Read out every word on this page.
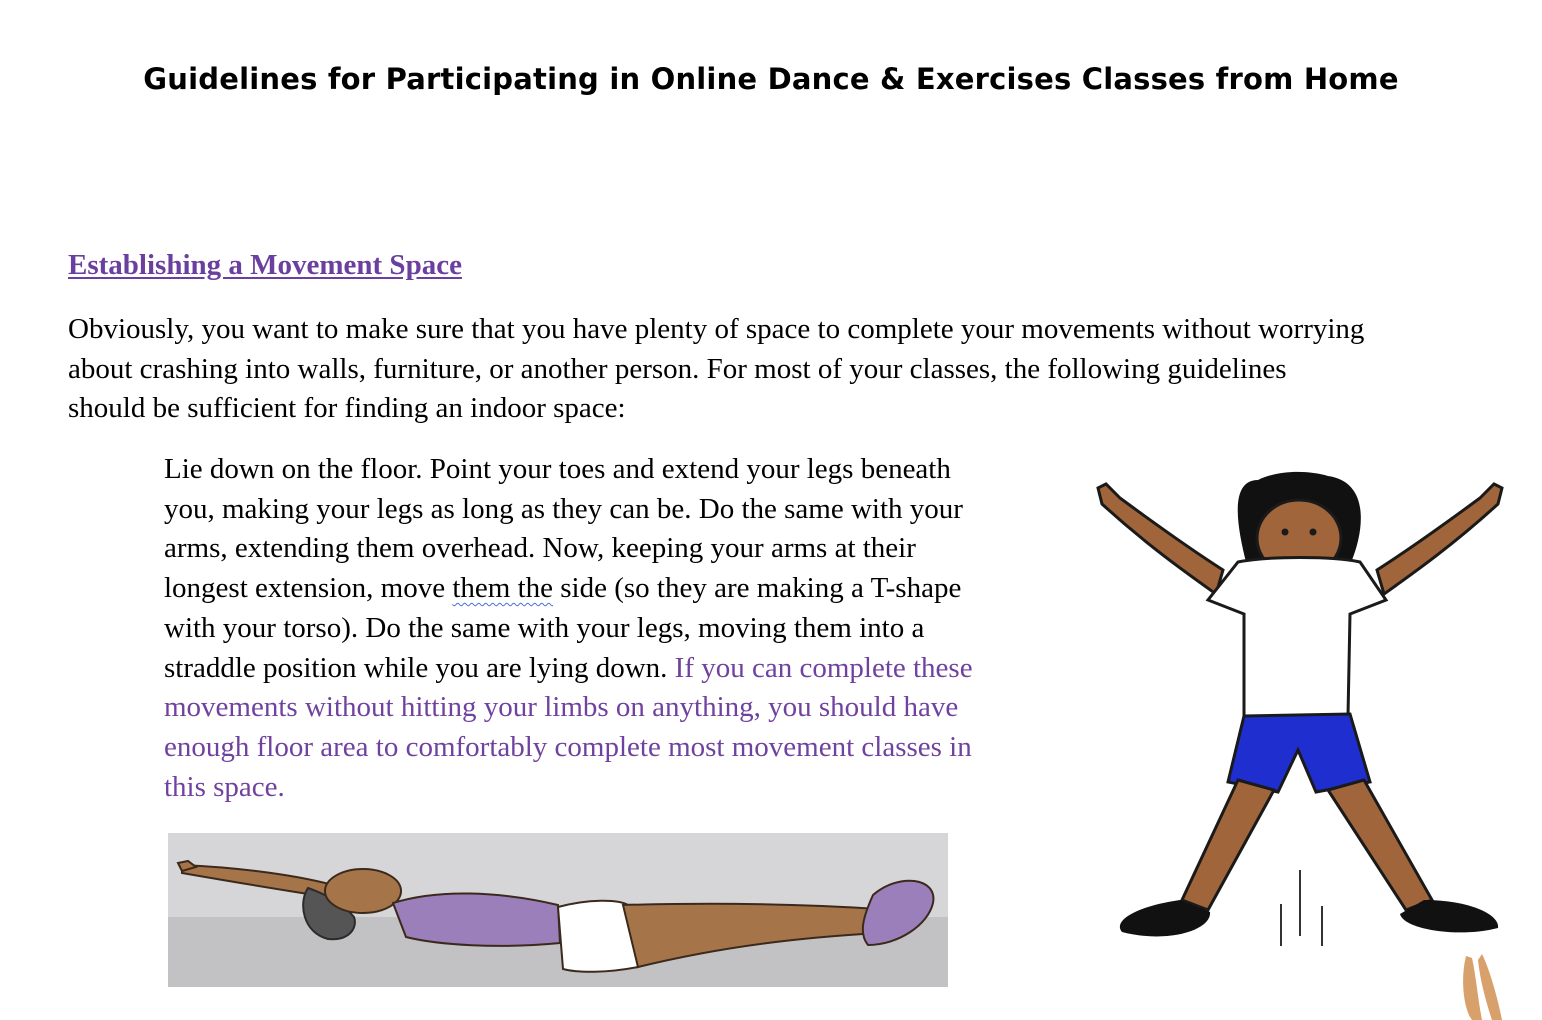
Guidelines for Participating in Online Dance & Exercises Classes from Home
Establishing a Movement Space

Obviously, you want to make sure that you have plenty of space to complete your movements without worrying
about crashing into walls, furniture, or another person. For most of your classes, the following guidelines
should be sufficient for finding an indoor space:

Lie down on the floor. Point your toes and extend your legs beneath
you, making your legs as long as they can be. Do the same with your
arms, extending them overhead. Now, keeping your arms at their
longest extension, move them the side (so they are making a T-shape
with your torso). Do the same with your legs, moving them into a
straddle position while you are lying down. If you can complete these
movements without hitting your limbs on anything, you should have
enough floor area to comfortably complete most movement classes in
this space.
